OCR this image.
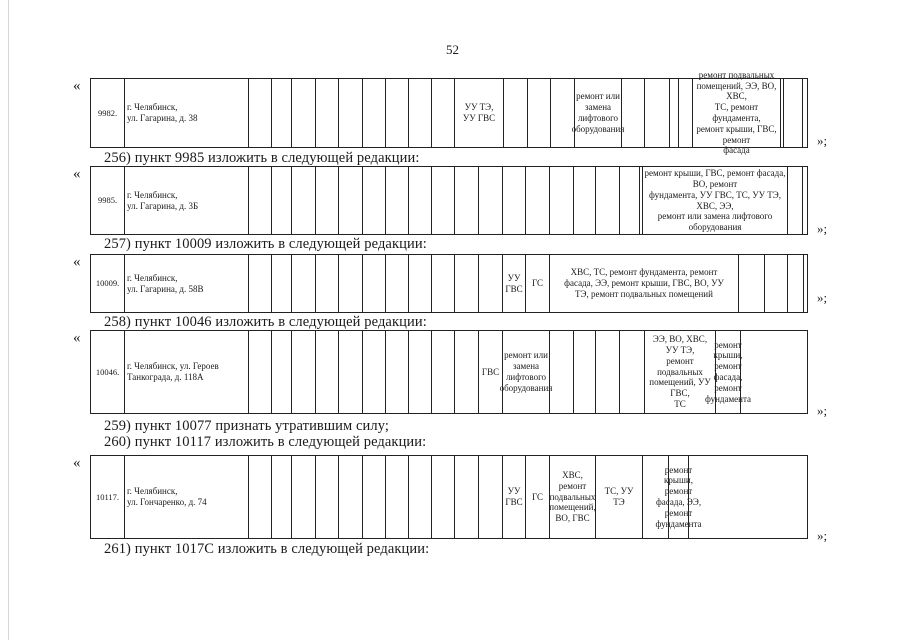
52
«
«
«
«
«
»;
»;
»;
»;
»;
256) пункт 9985 изложить в следующей редакции:
257) пункт 10009 изложить в следующей редакции:
258) пункт 10046 изложить в следующей редакции:
259) пункт 10077 признать утратившим силу;
260) пункт 10117 изложить в следующей редакции:
261) пункт 1017С изложить в следующей редакции:
9982.
г. Челябинск,
ул. Гагарина, д. 38
УУ ТЭ,
УУ ГВС
ремонт или
замена
лифтового
оборудования
ремонт подвальных
помещений, ЭЭ, ВО, ХВС,
ТС, ремонт фундамента,
ремонт крыши, ГВС, ремонт
фасада
9985.
г. Челябинск,
ул. Гагарина, д. 3Б
ремонт крыши, ГВС, ремонт фасада, ВО, ремонт
фундамента, УУ ГВС, ТС, УУ ТЭ, ХВС, ЭЭ,
ремонт или замена лифтового оборудования
10009.
г. Челябинск,
ул. Гагарина, д. 58В
УУ ГВС
ГС
ХВС, ТС, ремонт фундамента, ремонт
фасада, ЭЭ, ремонт крыши, ГВС, ВО, УУ
ТЭ, ремонт подвальных помещений
10046.
г. Челябинск, ул. Героев
Танкограда, д. 118А
ГВС
ремонт или
замена
лифтового
оборудования
ЭЭ, ВО, ХВС, УУ ТЭ,
ремонт подвальных
помещений, УУ ГВС,
ТС
ремонт
крыши,
ремонт
фасада,
ремонт
фундамента
10117.
г. Челябинск,
ул. Гончаренко, д. 74
УУ ГВС
ГС
ХВС, ремонт
подвальных
помещений,
ВО, ГВС
ТС, УУ
ТЭ
ремонт крыши, ремонт
фасада, ЭЭ, ремонт
фундамента
